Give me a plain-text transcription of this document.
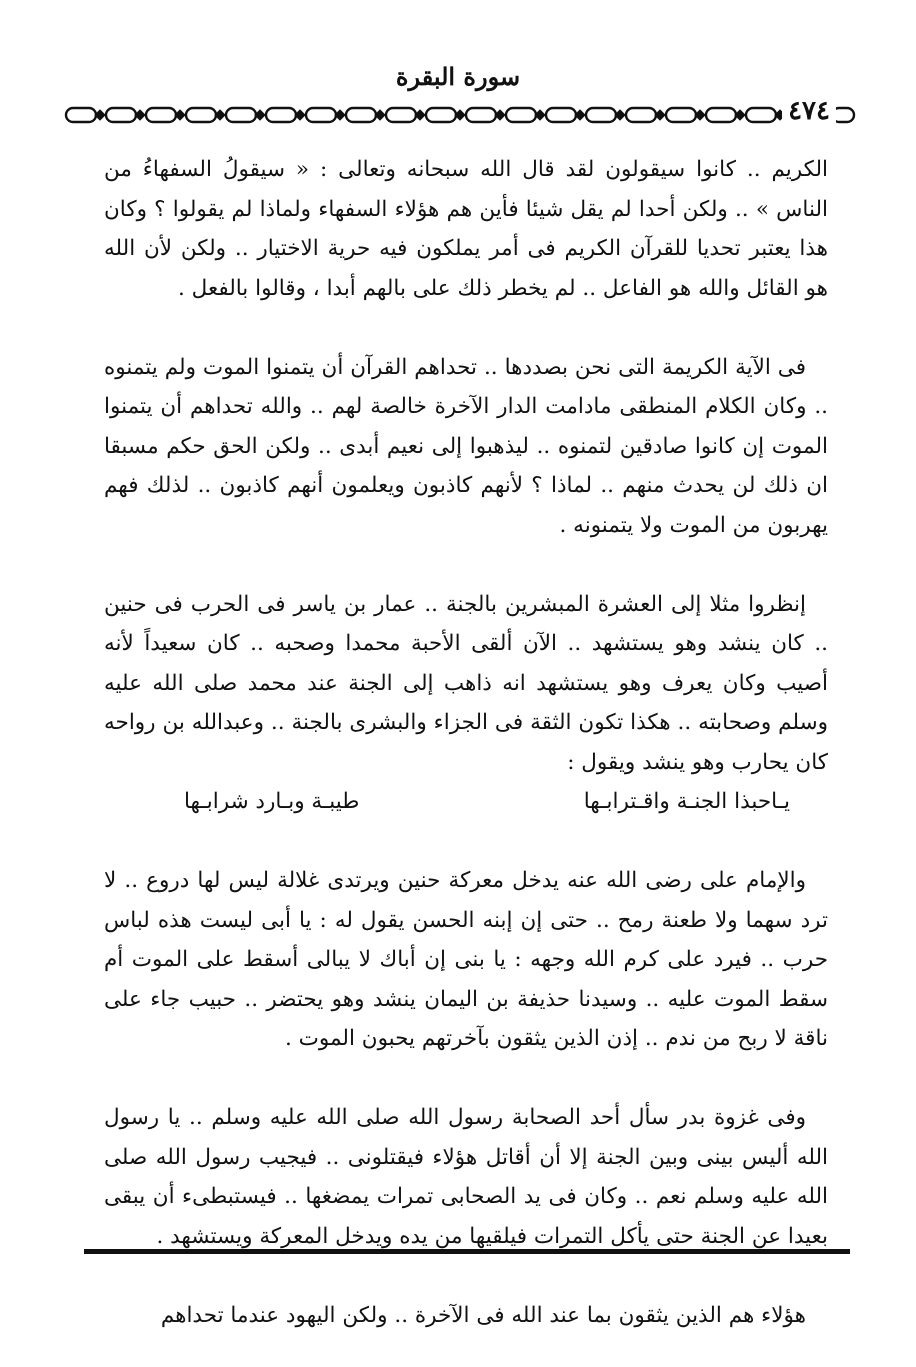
سورة البقرة
٤٧٤

الكريم .. كانوا سيقولون لقد قال الله سبحانه وتعالى : « سيقولُ السفهاءُ من الناس » .. ولكن أحدا لم يقل شيئا فأين هم هؤلاء السفهاء ولماذا لم يقولوا ؟ وكان هذا يعتبر تحديا للقرآن الكريم فى أمر يملكون فيه حرية الاختيار .. ولكن لأن الله هو القائل والله هو الفاعل .. لم يخطر ذلك على بالهم أبدا ، وقالوا بالفعل .

فى الآية الكريمة التى نحن بصددها .. تحداهم القرآن أن يتمنوا الموت ولم يتمنوه .. وكان الكلام المنطقى مادامت الدار الآخرة خالصة لهم .. والله تحداهم أن يتمنوا الموت إن كانوا صادقين لتمنوه .. ليذهبوا إلى نعيم أبدى .. ولكن الحق حكم مسبقا ان ذلك لن يحدث منهم .. لماذا ؟ لأنهم كاذبون ويعلمون أنهم كاذبون .. لذلك فهم يهربون من الموت ولا يتمنونه .

إنظروا مثلا إلى العشرة المبشرين بالجنة .. عمار بن ياسر فى الحرب فى حنين .. كان ينشد وهو يستشهد .. الآن ألقى الأحبة محمدا وصحبه .. كان سعيداً لأنه أصيب وكان يعرف وهو يستشهد انه ذاهب إلى الجنة عند محمد صلى الله عليه وسلم وصحابته .. هكذا تكون الثقة فى الجزاء والبشرى بالجنة .. وعبدالله بن رواحه كان يحارب وهو ينشد ويقول :

يـاحبذا الجنـة واقـترابـها
طيبـة وبـارد شرابـها

والإمام على رضى الله عنه يدخل معركة حنين ويرتدى غلالة ليس لها دروع .. لا ترد سهما ولا طعنة رمح .. حتى إن إبنه الحسن يقول له : يا أبى ليست هذه لباس حرب .. فيرد على كرم الله وجهه : يا بنى إن أباك لا يبالى أسقط على الموت أم سقط الموت عليه .. وسيدنا حذيفة بن اليمان ينشد وهو يحتضر .. حبيب جاء على ناقة لا ربح من ندم .. إذن الذين يثقون بآخرتهم يحبون الموت .

وفى غزوة بدر سأل أحد الصحابة رسول الله صلى الله عليه وسلم .. يا رسول الله أليس بينى وبين الجنة إلا أن أقاتل هؤلاء فيقتلونى .. فيجيب رسول الله صلى الله عليه وسلم نعم .. وكان فى يد الصحابى تمرات يمضغها .. فيستبطىء أن يبقى بعيدا عن الجنة حتى يأكل التمرات فيلقيها من يده ويدخل المعركة ويستشهد .

هؤلاء هم الذين يثقون بما عند الله فى الآخرة .. ولكن اليهود عندما تحداهم
